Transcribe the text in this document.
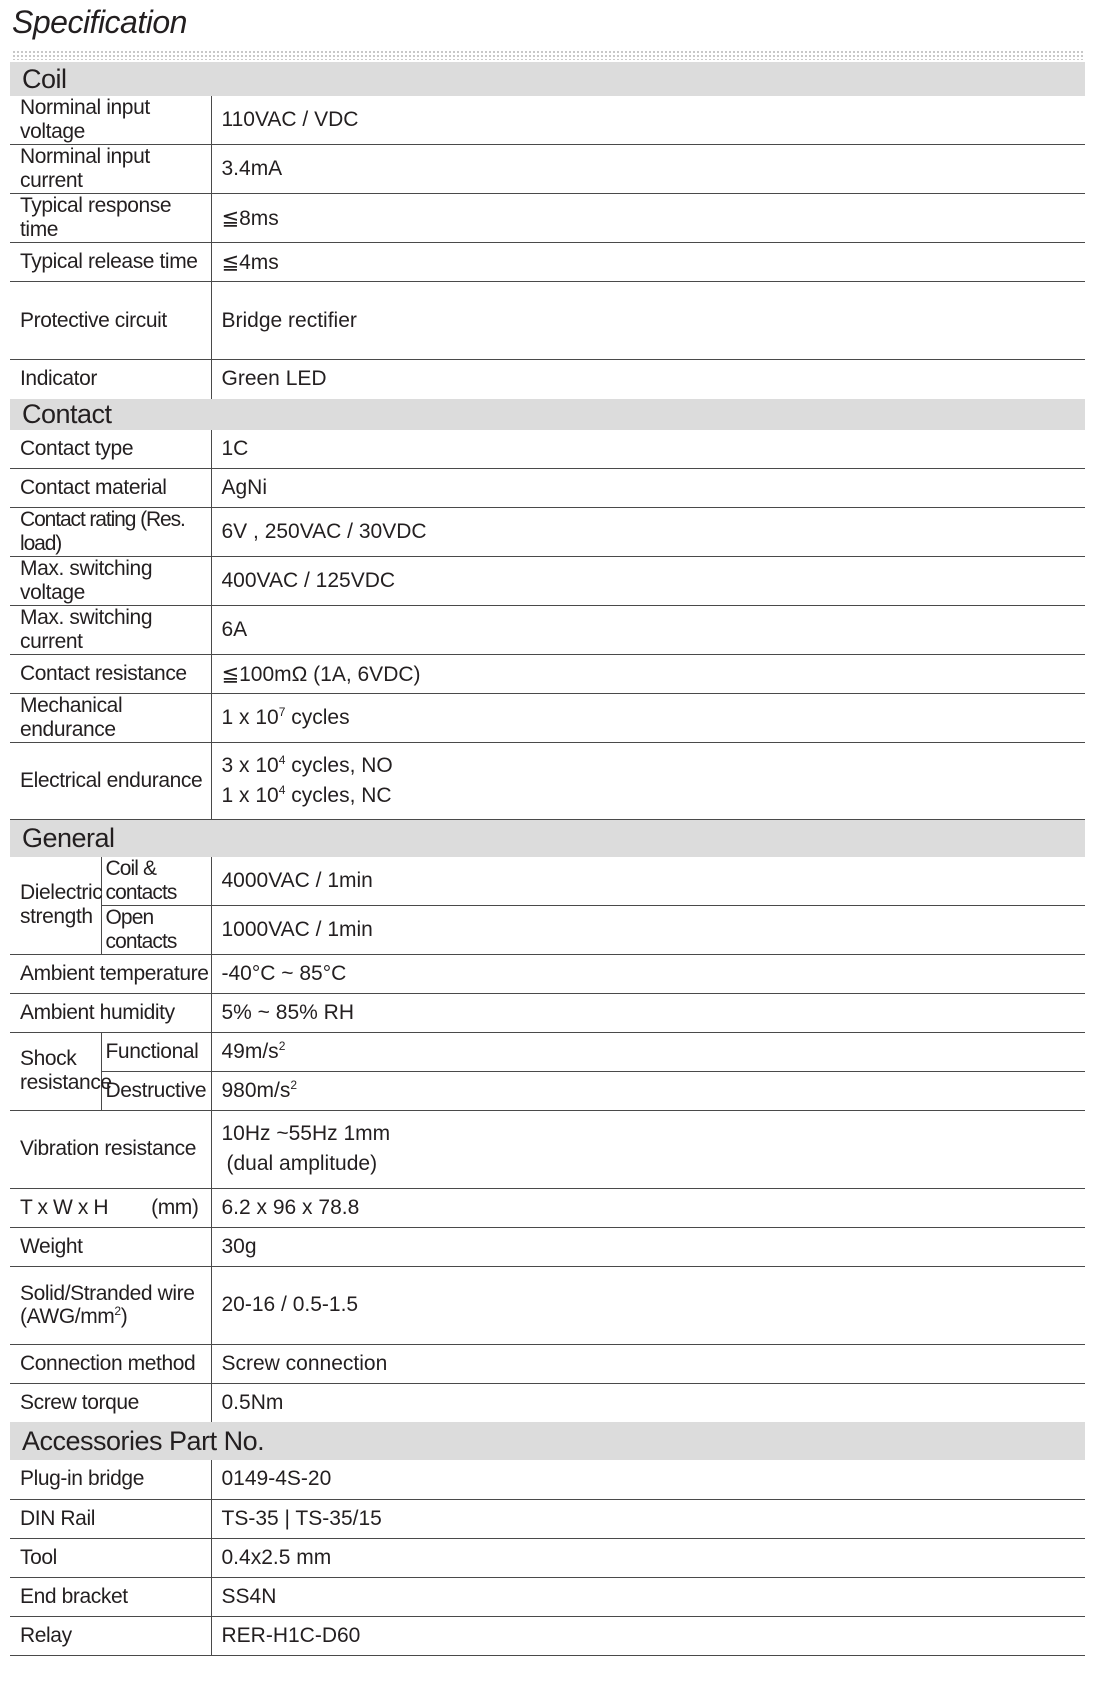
Specification
Coil		
Norminal input voltage		110VAC / VDC
Norminal input current		3.4mA
Typical response time		≦8ms
Typical release time		≦4ms
Protective circuit		Bridge rectifier
Indicator		Green LED
Contact		
Contact type		1C
Contact material		AgNi
Contact rating (Res. load)		6V , 250VAC / 30VDC
Max. switching voltage		400VAC / 125VDC
Max. switching current		6A
Contact resistance		≦100mΩ (1A, 6VDC)
Mechanical endurance		1 x $10^7$ cycles
Electrical endurance		3 x $10^4$ cycles, NO
1 x $10^4$ cycles, NC

General		

Dielectric
strength	Coil & contacts	4000VAC / 1min
	Open contacts	1000VAC / 1min
Ambient temperature		-40°C ~ 85°C
Ambient humidity		5% ~ 85% RH

Shock
resistance	Functional	$49m/s^2$
	Destructive	$980m/s^2$
Vibration resistance		10Hz ~55Hz 1mm
(dual amplitude)

T x W x H (mm)		6.2 x 96 x 78.8
Weight		30g

Solid/Stranded wire
$(AWG/mm^2)$		20-16 / 0.5-1.5
Connection method		Screw connection
Screw torque		0.5Nm
Accessories Part No.		
Plug-in bridge		0149-4S-20
DIN Rail		TS-35 | TS-35/15
Tool		0.4x2.5 mm
End bracket		SS4N
Relay		RER-H1C-D60
